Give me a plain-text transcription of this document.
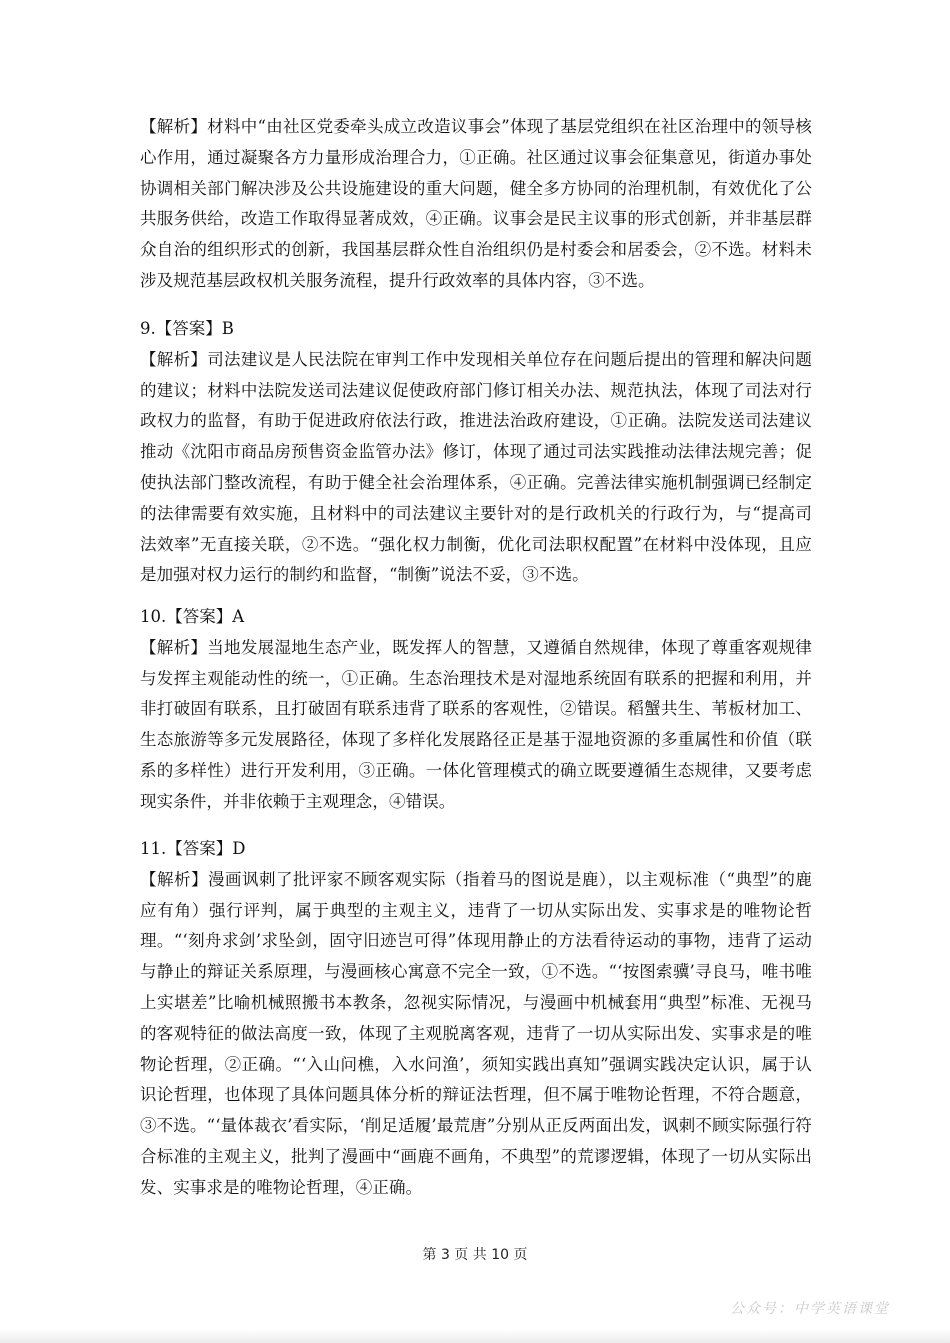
【解析】材料中“由社区党委牵头成立改造议事会”体现了基层党组织在社区治理中的领导核心作用，通过凝聚各方力量形成治理合力，①正确。社区通过议事会征集意见，街道办事处协调相关部门解决涉及公共设施建设的重大问题，健全多方协同的治理机制，有效优化了公共服务供给，改造工作取得显著成效，④正确。议事会是民主议事的形式创新，并非基层群众自治的组织形式的创新，我国基层群众性自治组织仍是村委会和居委会，②不选。材料未涉及规范基层政权机关服务流程，提升行政效率的具体内容，③不选。

9.【答案】B

【解析】司法建议是人民法院在审判工作中发现相关单位存在问题后提出的管理和解决问题的建议；材料中法院发送司法建议促使政府部门修订相关办法、规范执法，体现了司法对行政权力的监督，有助于促进政府依法行政，推进法治政府建设，①正确。法院发送司法建议推动《沈阳市商品房预售资金监管办法》修订，体现了通过司法实践推动法律法规完善；促使执法部门整改流程，有助于健全社会治理体系，④正确。完善法律实施机制强调已经制定的法律需要有效实施，且材料中的司法建议主要针对的是行政机关的行政行为，与“提高司法效率”无直接关联，②不选。“强化权力制衡，优化司法职权配置”在材料中没体现，且应是加强对权力运行的制约和监督，“制衡”说法不妥，③不选。

10.【答案】A

【解析】当地发展湿地生态产业，既发挥人的智慧，又遵循自然规律，体现了尊重客观规律与发挥主观能动性的统一，①正确。生态治理技术是对湿地系统固有联系的把握和利用，并非打破固有联系，且打破固有联系违背了联系的客观性，②错误。稻蟹共生、苇板材加工、生态旅游等多元发展路径，体现了多样化发展路径正是基于湿地资源的多重属性和价值（联系的多样性）进行开发利用，③正确。一体化管理模式的确立既要遵循生态规律，又要考虑现实条件，并非依赖于主观理念，④错误。

11.【答案】D

【解析】漫画讽刺了批评家不顾客观实际（指着马的图说是鹿），以主观标准（“典型”的鹿应有角）强行评判，属于典型的主观主义，违背了一切从实际出发、实事求是的唯物论哲理。“‘刻舟求剑’求坠剑，固守旧迹岂可得”体现用静止的方法看待运动的事物，违背了运动与静止的辩证关系原理，与漫画核心寓意不完全一致，①不选。“‘按图索骥’寻良马，唯书唯上实堪差”比喻机械照搬书本教条，忽视实际情况，与漫画中机械套用“典型”标准、无视马的客观特征的做法高度一致，体现了主观脱离客观，违背了一切从实际出发、实事求是的唯物论哲理，②正确。“‘入山问樵，入水问渔’，须知实践出真知”强调实践决定认识，属于认识论哲理，也体现了具体问题具体分析的辩证法哲理，但不属于唯物论哲理，不符合题意，③不选。“‘量体裁衣’看实际，‘削足适履’最荒唐”分别从正反两面出发，讽刺不顾实际强行符合标准的主观主义，批判了漫画中“画鹿不画角，不典型”的荒谬逻辑，体现了一切从实际出发、实事求是的唯物论哲理，④正确。

第 3 页 共 10 页
公众号：中学英语课堂
